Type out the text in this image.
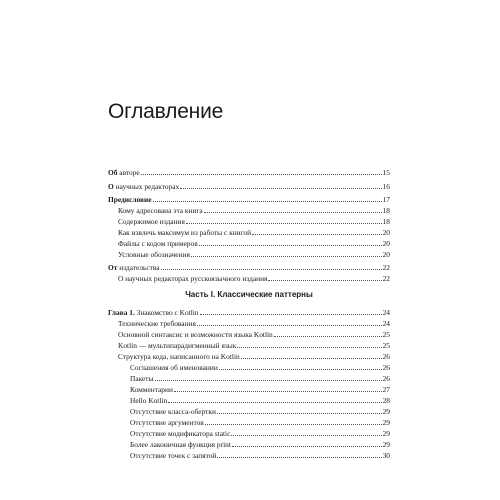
Оглавление
Об авторе	15
О научных редакторах	16
Предисловие	17
Кому адресована эта книга	18
Содержимое издания	18
Как извлечь максимум из работы с книгой	20
Файлы с кодом примеров	20
Условные обозначения	20
От издательства	22
О научных редакторах русскоязычного издания	22
Часть I. Классические паттерны
Глава 1. Знакомство с Kotlin	24
Технические требования	24
Основной синтаксис и возможности языка Kotlin	25
Kotlin — мультипарадигменный язык	25
Структура кода, написанного на Kotlin	26
Соглашения об именовании	26
Пакеты	26
Комментарии	27
Hello Kotlin	28
Отсутствие класса-обертки	29
Отсутствие аргументов	29
Отсутствие модификатора static	29
Более лаконичная функция print	29
Отсутствие точек с запятой	30
